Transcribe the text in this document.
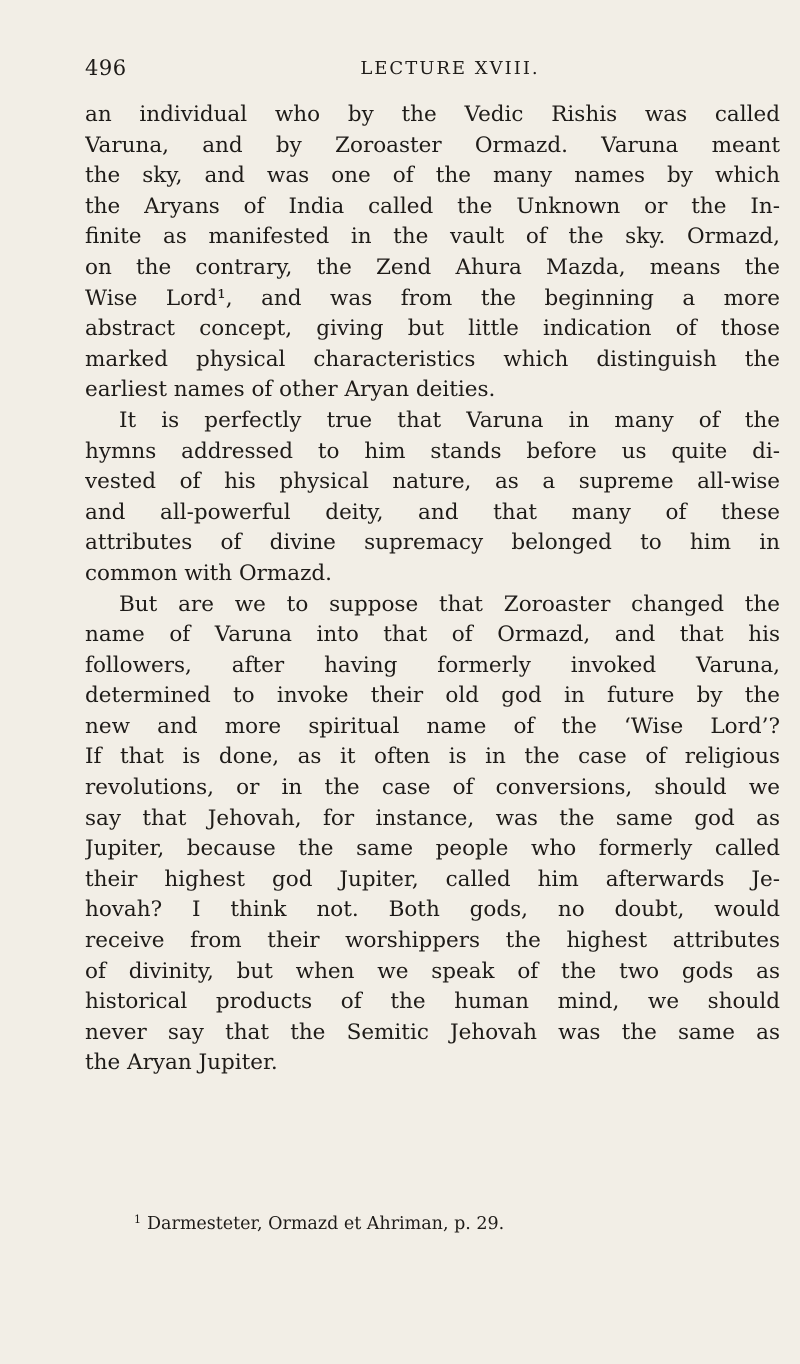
496	LECTURE XVIII.
an individual who by the Vedic Rishis was called
Varuna, and by Zoroaster Ormazd. Varuna meant
the sky, and was one of the many names by which
the Aryans of India called the Unknown or the In-
finite as manifested in the vault of the sky. Ormazd,
on the contrary, the Zend Ahura Mazda, means the
Wise Lord¹, and was from the beginning a more
abstract concept, giving but little indication of those
marked physical characteristics which distinguish the
earliest names of other Aryan deities.
It is perfectly true that Varuna in many of the
hymns addressed to him stands before us quite di-
vested of his physical nature, as a supreme all-wise
and all-powerful deity, and that many of these
attributes of divine supremacy belonged to him in
common with Ormazd.
But are we to suppose that Zoroaster changed the
name of Varuna into that of Ormazd, and that his
followers, after having formerly invoked Varuna,
determined to invoke their old god in future by the
new and more spiritual name of the ‘Wise Lord’?
If that is done, as it often is in the case of religious
revolutions, or in the case of conversions, should we
say that Jehovah, for instance, was the same god as
Jupiter, because the same people who formerly called
their highest god Jupiter, called him afterwards Je-
hovah? I think not. Both gods, no doubt, would
receive from their worshippers the highest attributes
of divinity, but when we speak of the two gods as
historical products of the human mind, we should
never say that the Semitic Jehovah was the same as
the Aryan Jupiter.
$^1$ Darmesteter, Ormazd et Ahriman, p. 29.
